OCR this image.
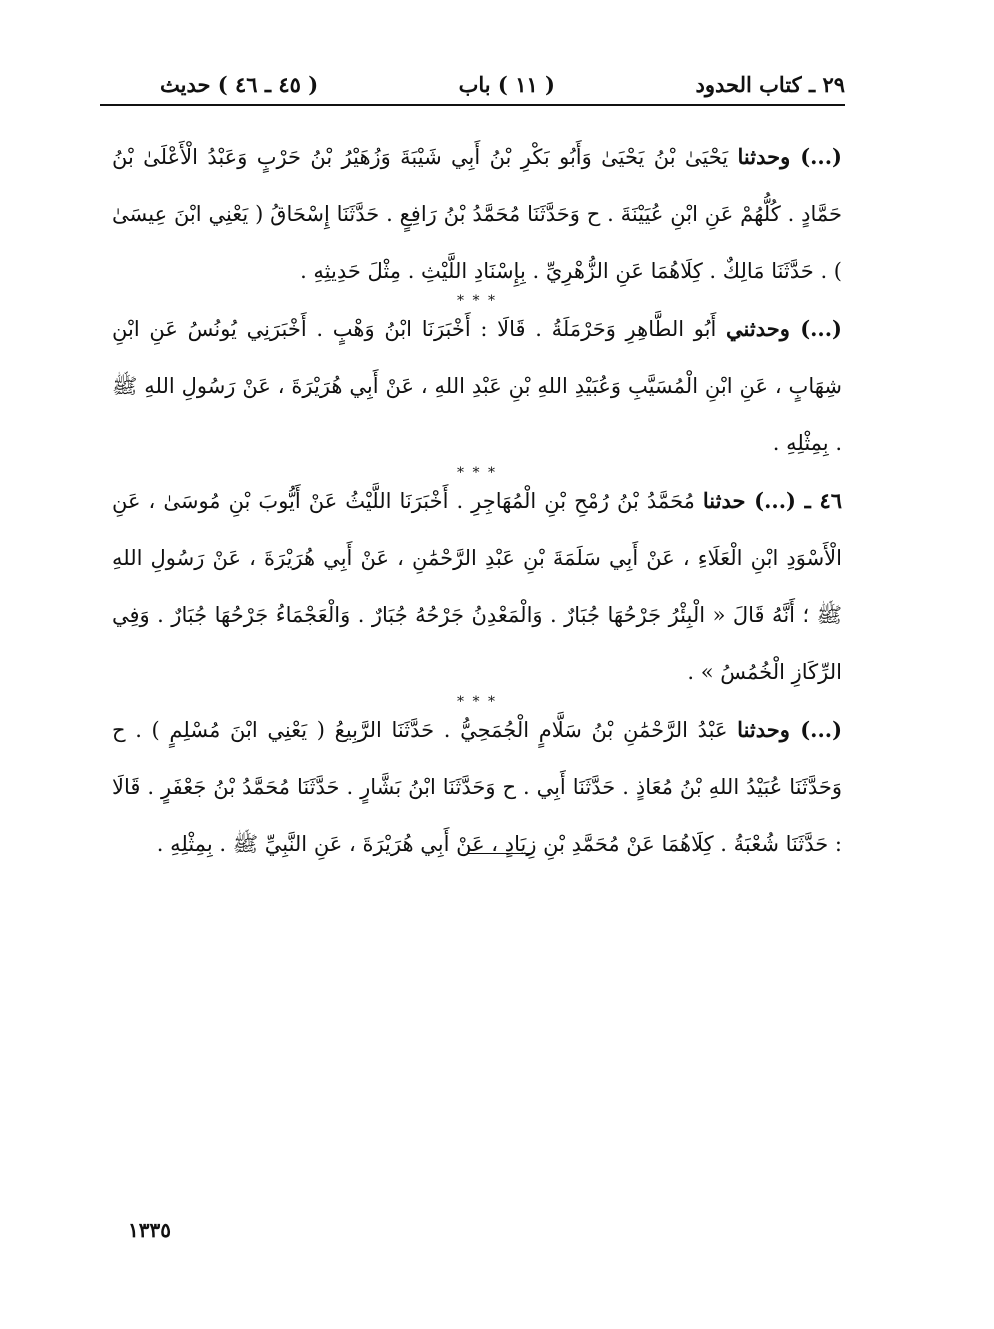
٢٩ ـ كتاب الحدود
( ١١ ) باب
( ٤٥ ـ ٤٦ ) حديث

(...) وحدثنا يَحْيَىٰ بْنُ يَحْيَىٰ وَأَبُو بَكْرِ بْنُ أَبِي شَيْبَةَ وَزُهَيْرُ بْنُ حَرْبٍ وَعَبْدُ الْأَعْلَىٰ بْنُ حَمَّادٍ . كُلُّهُمْ عَنِ ابْنِ عُيَيْنَةَ . ح وَحَدَّثَنَا مُحَمَّدُ بْنُ رَافِعٍ . حَدَّثَنَا إِسْحَاقُ ( يَعْنِي ابْنَ عِيسَىٰ ) . حَدَّثَنَا مَالِكٌ . كِلَاهُمَا عَنِ الزُّهْرِيِّ . بِإِسْنَادِ اللَّيْثِ . مِثْلَ حَدِيثِهِ .

* * *

(...) وحدثني أَبُو الطَّاهِرِ وَحَرْمَلَةُ . قَالَا : أَخْبَرَنَا ابْنُ وَهْبٍ . أَخْبَرَنِي يُونُسُ عَنِ ابْنِ شِهَابٍ ، عَنِ ابْنِ الْمُسَيَّبِ وَعُبَيْدِ اللهِ بْنِ عَبْدِ اللهِ ، عَنْ أَبِي هُرَيْرَةَ ، عَنْ رَسُولِ اللهِ ﷺ . بِمِثْلِهِ .

* * *

٤٦ ـ (...) حدثنا مُحَمَّدُ بْنُ رُمْحِ بْنِ الْمُهَاجِرِ . أَخْبَرَنَا اللَّيْثُ عَنْ أَيُّوبَ بْنِ مُوسَىٰ ، عَنِ الْأَسْوَدِ ابْنِ الْعَلَاءِ ، عَنْ أَبِي سَلَمَةَ بْنِ عَبْدِ الرَّحْمَٰنِ ، عَنْ أَبِي هُرَيْرَةَ ، عَنْ رَسُولِ اللهِ ﷺ ؛ أَنَّهُ قَالَ « الْبِئْرُ جَرْحُهَا جُبَارٌ . وَالْمَعْدِنُ جَرْحُهُ جُبَارٌ . وَالْعَجْمَاءُ جَرْحُهَا جُبَارٌ . وَفِي الرِّكَازِ الْخُمُسُ » .

* * *

(...) وحدثنا عَبْدُ الرَّحْمَٰنِ بْنُ سَلَّامٍ الْجُمَحِيُّ . حَدَّثَنَا الرَّبِيعُ ( يَعْنِي ابْنَ مُسْلِمٍ ) . ح وَحَدَّثَنَا عُبَيْدُ اللهِ بْنُ مُعَاذٍ . حَدَّثَنَا أَبِي . ح وَحَدَّثَنَا ابْنُ بَشَّارٍ . حَدَّثَنَا مُحَمَّدُ بْنُ جَعْفَرٍ . قَالَا : حَدَّثَنَا شُعْبَةُ . كِلَاهُمَا عَنْ مُحَمَّدِ بْنِ زِيَادٍ ، عَنْ أَبِي هُرَيْرَةَ ، عَنِ النَّبِيِّ ﷺ . بِمِثْلِهِ .

١٣٣٥
